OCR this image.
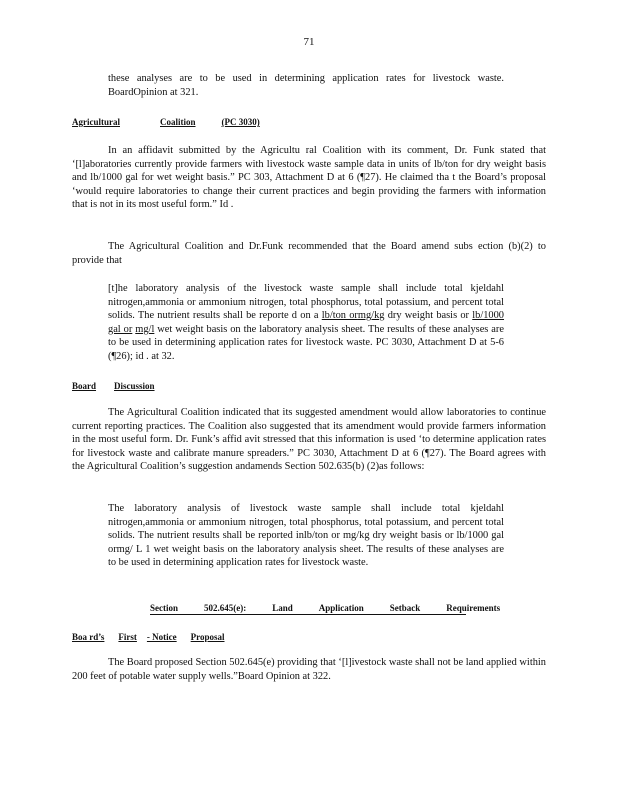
71

these analyses are to be used in determining application rates for livestock waste. BoardOpinion at 321.

Agricultural	Coalition	(PC 3030)

In an affidavit submitted by the Agricultu ral Coalition with its comment, Dr. Funk stated that ‘[l]aboratories currently provide farmers with livestock waste sample data in units of lb/ton for dry weight basis and lb/1000 gal for wet weight basis.” PC 303, Attachment D at 6 (¶27). He claimed tha t the Board’s proposal ‘would require laboratories to change their current practices and begin providing the farmers with information that is not in its most useful form.” Id .

The Agricultural Coalition and Dr.Funk recommended that the Board amend subs ection (b)(2) to provide that

[t]he laboratory analysis of the livestock waste sample shall include total kjeldahl nitrogen,ammonia or ammonium nitrogen, total phosphorus, total potassium, and percent total solids. The nutrient results shall be reporte d on a lb/ton ormg/kg dry weight basis or lb/1000 gal or mg/l wet weight basis on the laboratory analysis sheet. The results of these analyses are to be used in determining application rates for livestock waste. PC 3030, Attachment D at 5-6 (¶26); id . at 32.

Board Discussion

The Agricultural Coalition indicated that its suggested amendment would allow laboratories to continue current reporting practices. The Coalition also suggested that its amendment would provide farmers information in the most useful form. Dr. Funk’s affid avit stressed that this information is used ‘to determine application rates for livestock waste and calibrate manure spreaders.” PC 3030, Attachment D at 6 (¶27). The Board agrees with the Agricultural Coalition’s suggestion andamends Section 502.635(b) (2)as follows:

The laboratory analysis of livestock waste sample shall include total kjeldahl nitrogen,ammonia or ammonium nitrogen, total phosphorus, total potassium, and percent total solids. The nutrient results shall be reported inlb/ton or mg/kg dry weight basis or lb/1000 gal ormg/ L 1 wet weight basis on the laboratory analysis sheet. The results of these analyses are to be used in determining application rates for livestock waste.

Section	502.645(e):	Land	Application	Setback	Requirements
Boa rd’s First - Notice Proposal

The Board proposed Section 502.645(e) providing that ‘[l]ivestock waste shall not be land applied within 200 feet of potable water supply wells.”Board Opinion at 322.
